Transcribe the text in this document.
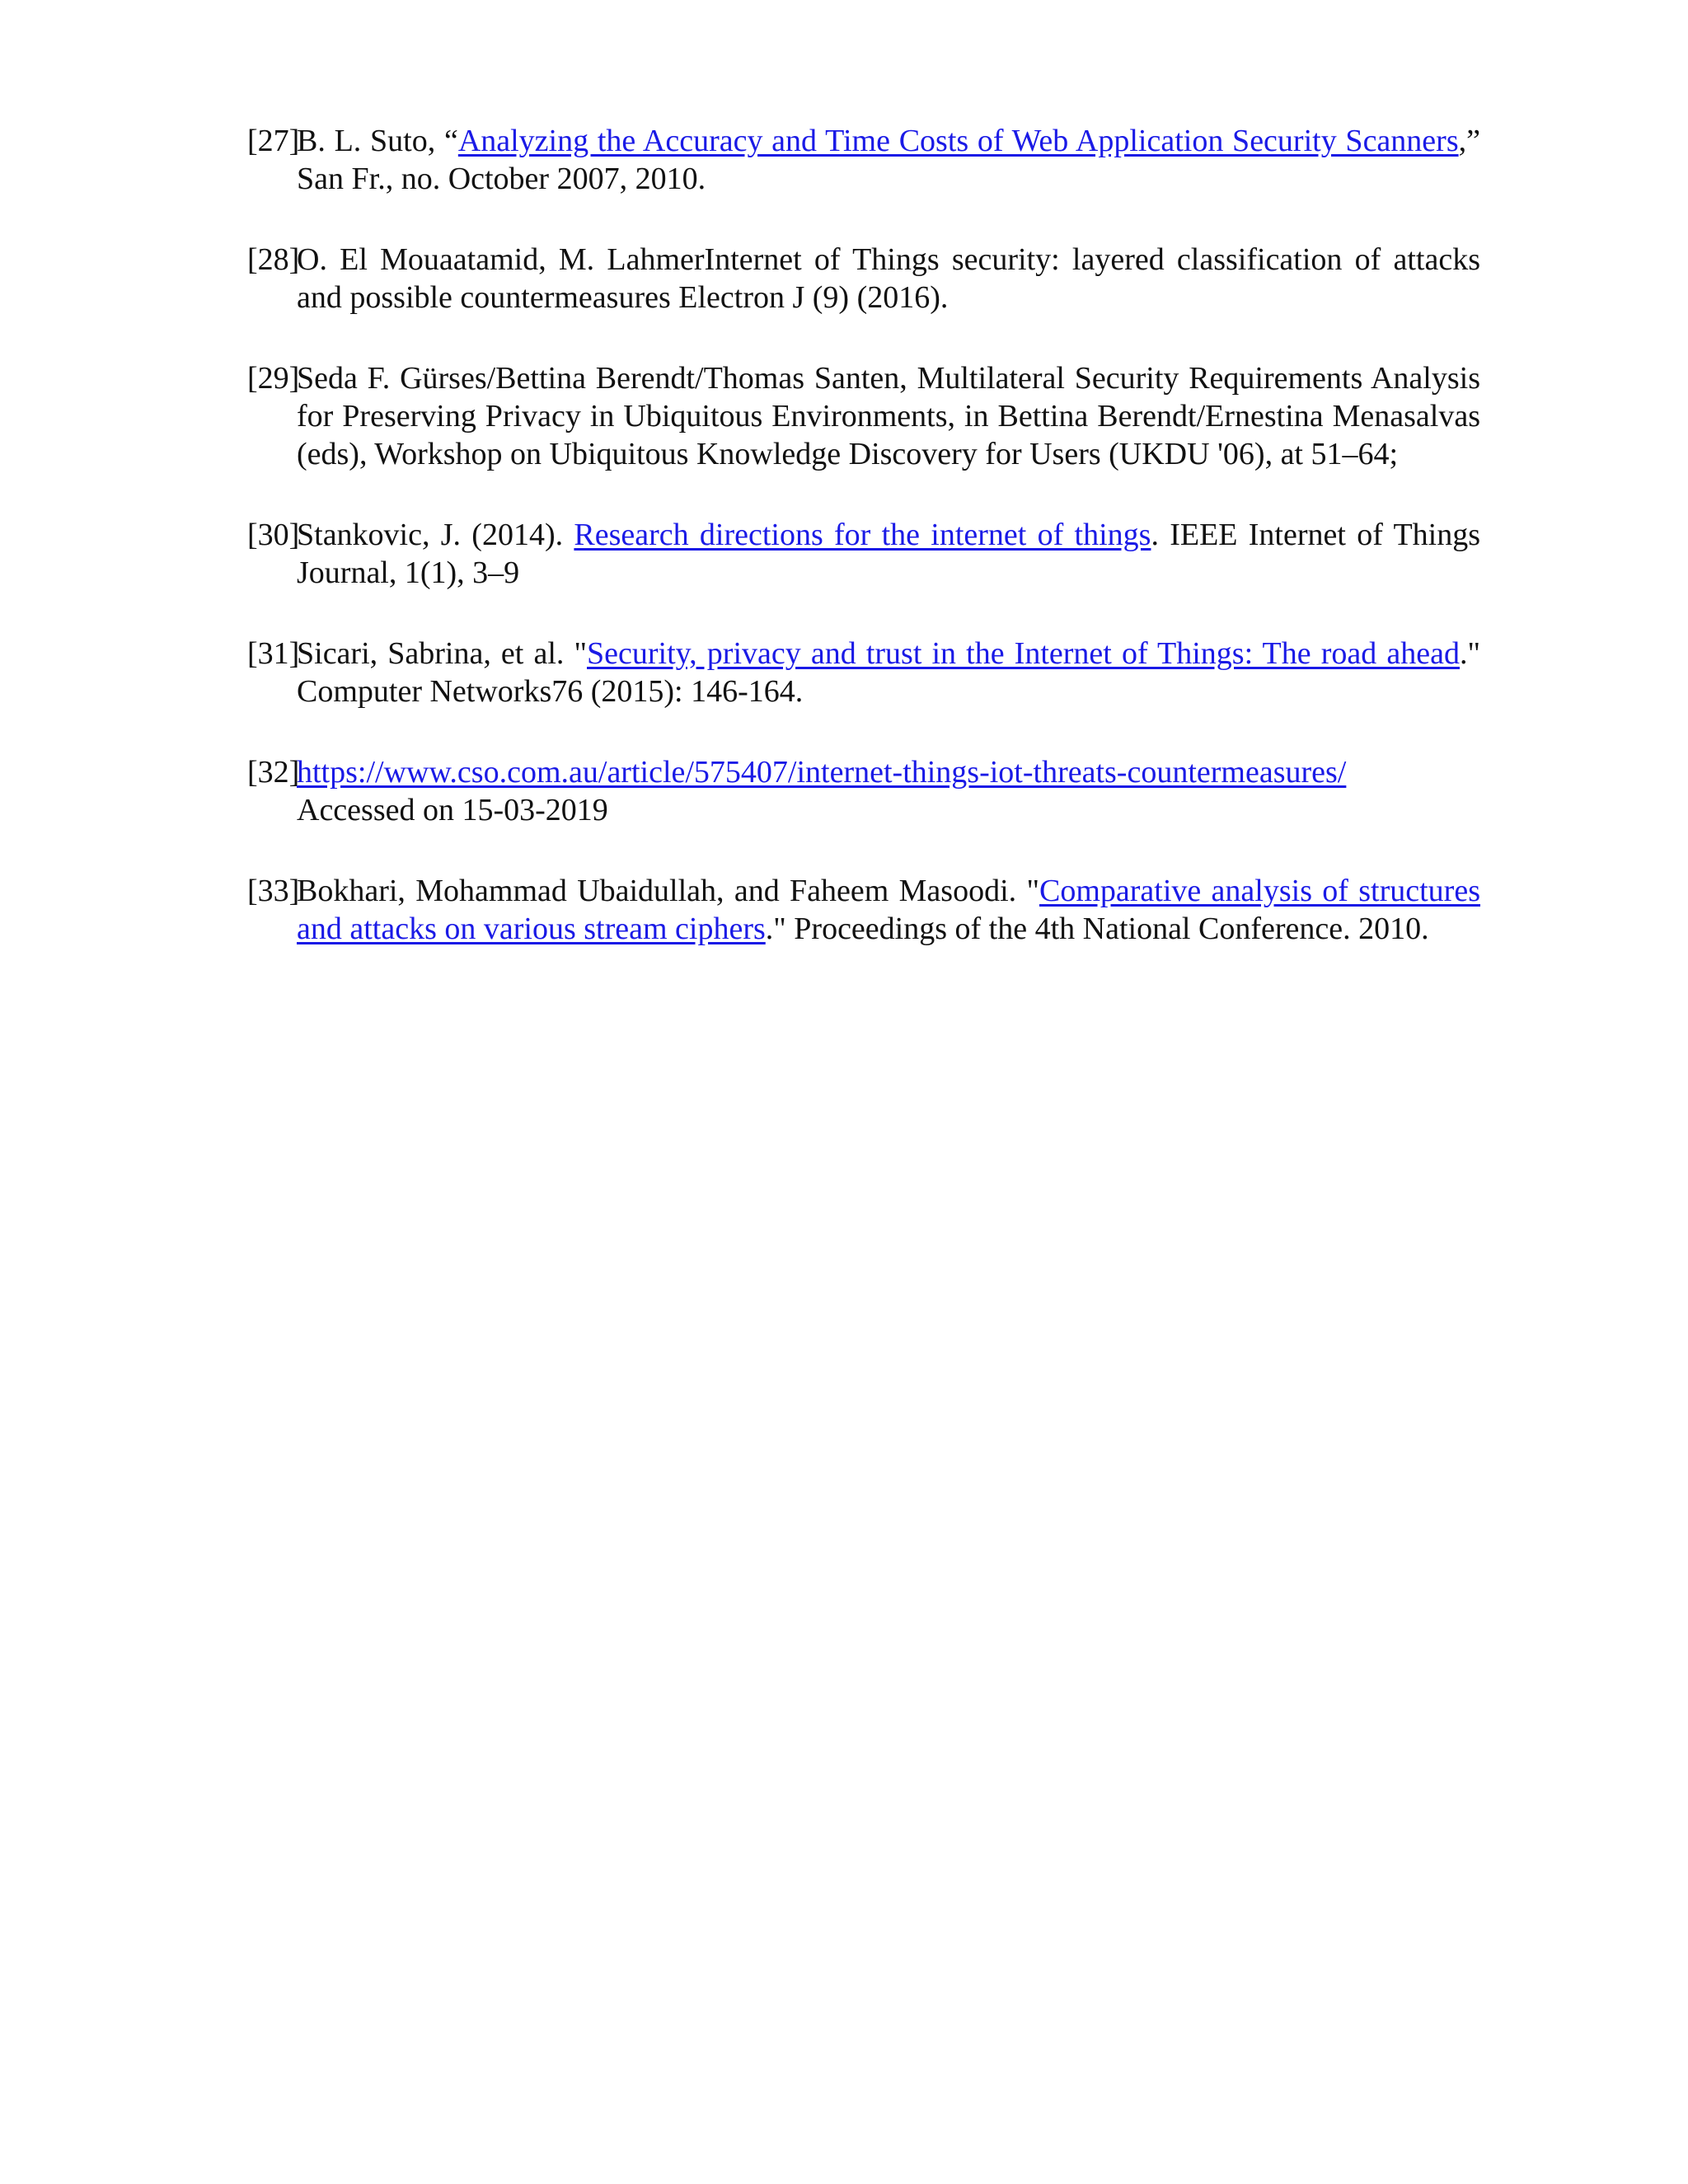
[27]B. L. Suto, “Analyzing the Accuracy and Time Costs of Web Application Security Scanners,” San Fr., no. October 2007, 2010.

[28]O. El Mouaatamid, M. LahmerInternet of Things security: layered classification of attacks and possible countermeasures Electron J (9) (2016).

[29]Seda F. Gürses/Bettina Berendt/Thomas Santen, Multilateral Security Requirements Analysis for Preserving Privacy in Ubiquitous Environments, in Bettina Berendt/Ernestina Menasalvas (eds), Workshop on Ubiquitous Knowledge Discovery for Users (UKDU '06), at 51–64;

[30]Stankovic, J. (2014). Research directions for the internet of things. IEEE Internet of Things Journal, 1(1), 3–9

[31]Sicari, Sabrina, et al. "Security, privacy and trust in the Internet of Things: The road ahead." Computer Networks76 (2015): 146-164.

[32]https://www.cso.com.au/article/575407/internet-things-iot-threats-countermeasures/
Accessed on 15-03-2019

[33]Bokhari, Mohammad Ubaidullah, and Faheem Masoodi. "Comparative analysis of structures and attacks on various stream ciphers." Proceedings of the 4th National Conference. 2010.
